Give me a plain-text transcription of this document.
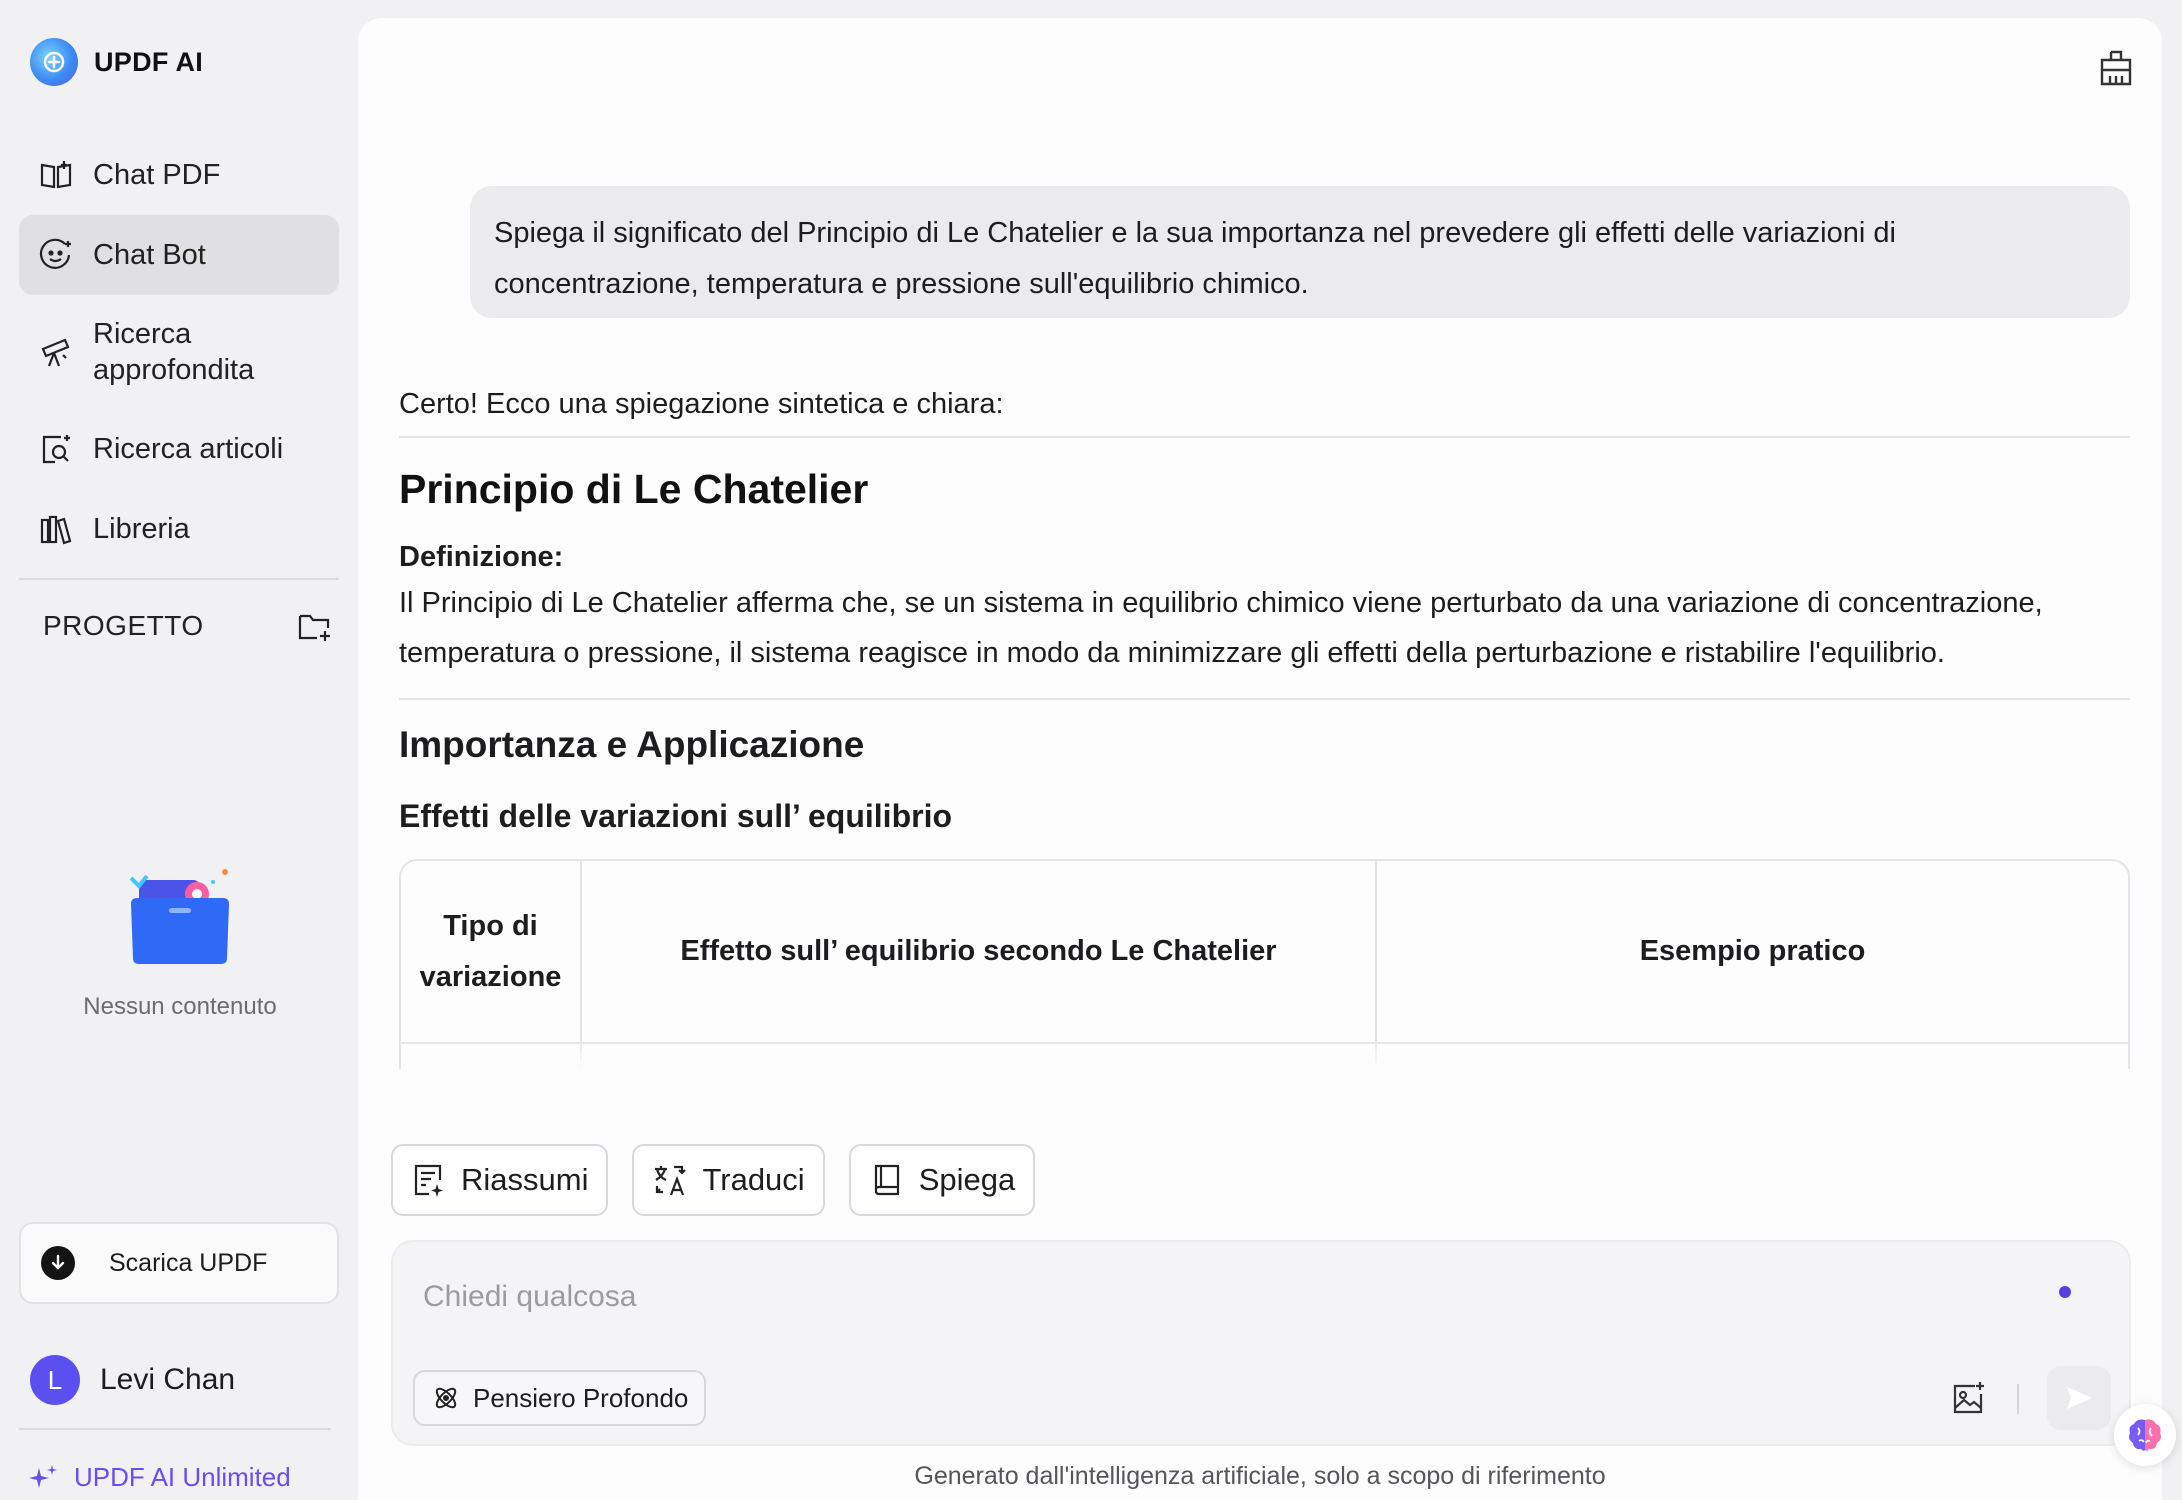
UPDF AI
Chat PDF
Chat Bot
Ricerca
approfondita
Ricerca articoli
Libreria
PROGETTO
Nessun contenuto
Scarica UPDF
L	Levi Chan
UPDF AI Unlimited
Spiega il significato del Principio di Le Chatelier e la sua importanza nel prevedere gli effetti delle variazioni di concentrazione, temperatura e pressione sull'equilibrio chimico.
Certo! Ecco una spiegazione sintetica e chiara:
Principio di Le Chatelier
Definizione:
Il Principio di Le Chatelier afferma che, se un sistema in equilibrio chimico viene perturbato da una variazione di concentrazione, temperatura o pressione, il sistema reagisce in modo da minimizzare gli effetti della perturbazione e ristabilire l'equilibrio.
Importanza e Applicazione
Effetti delle variazioni sull’ equilibrio
Tipo di variazione	Effetto sull’ equilibrio secondo Le Chatelier	Esempio pratico

Riassumi	Traduci	Spiega
Chiedi qualcosa
Pensiero Profondo
Generato dall'intelligenza artificiale, solo a scopo di riferimento
